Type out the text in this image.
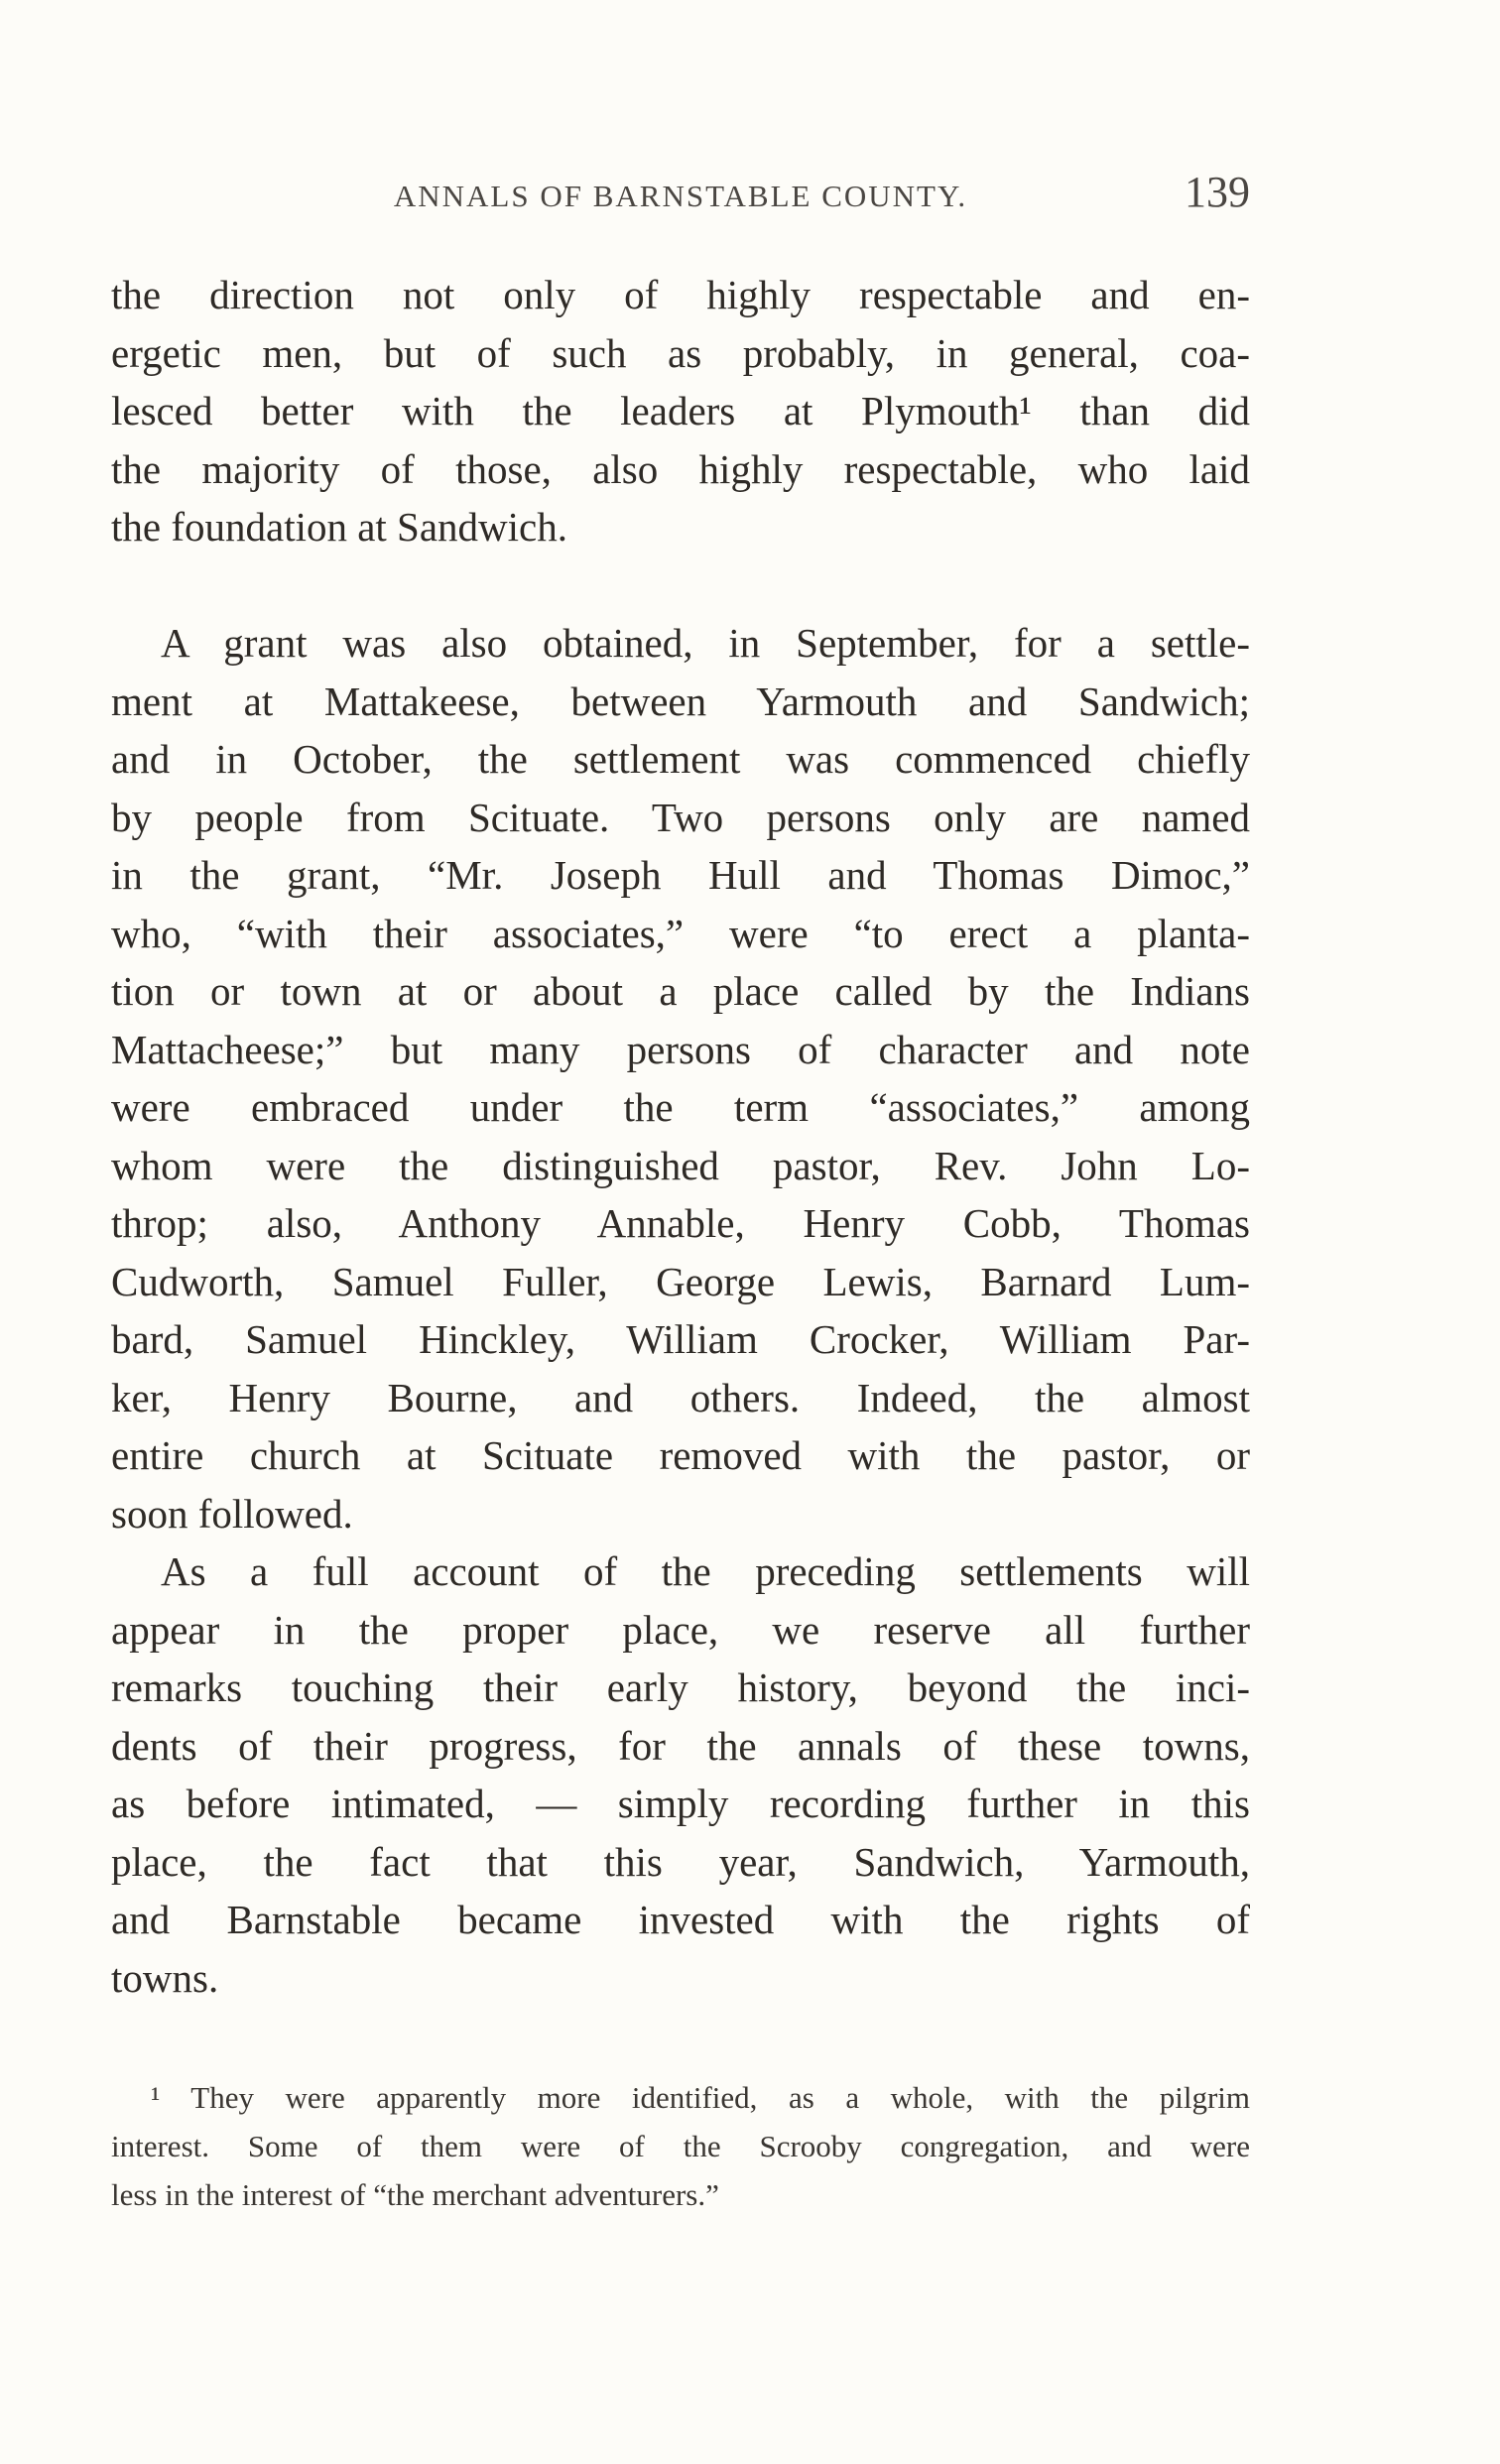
ANNALS OF BARNSTABLE COUNTY.	139
the direction not only of highly respectable and en-
ergetic men, but of such as probably, in general, coa-
lesced better with the leaders at Plymouth¹ than did
the majority of those, also highly respectable, who laid
the foundation at Sandwich.
A grant was also obtained, in September, for a settle-
ment at Mattakeese, between Yarmouth and Sandwich;
and in October, the settlement was commenced chiefly
by people from Scituate. Two persons only are named
in the grant, “Mr. Joseph Hull and Thomas Dimoc,”
who, “with their associates,” were “to erect a planta-
tion or town at or about a place called by the Indians
Mattacheese;” but many persons of character and note
were embraced under the term “associates,” among
whom were the distinguished pastor, Rev. John Lo-
throp; also, Anthony Annable, Henry Cobb, Thomas
Cudworth, Samuel Fuller, George Lewis, Barnard Lum-
bard, Samuel Hinckley, William Crocker, William Par-
ker, Henry Bourne, and others. Indeed, the almost
entire church at Scituate removed with the pastor, or
soon followed.
As a full account of the preceding settlements will
appear in the proper place, we reserve all further
remarks touching their early history, beyond the inci-
dents of their progress, for the annals of these towns,
as before intimated, — simply recording further in this
place, the fact that this year, Sandwich, Yarmouth,
and Barnstable became invested with the rights of
towns.
¹ They were apparently more identified, as a whole, with the pilgrim
interest. Some of them were of the Scrooby congregation, and were
less in the interest of “the merchant adventurers.”
